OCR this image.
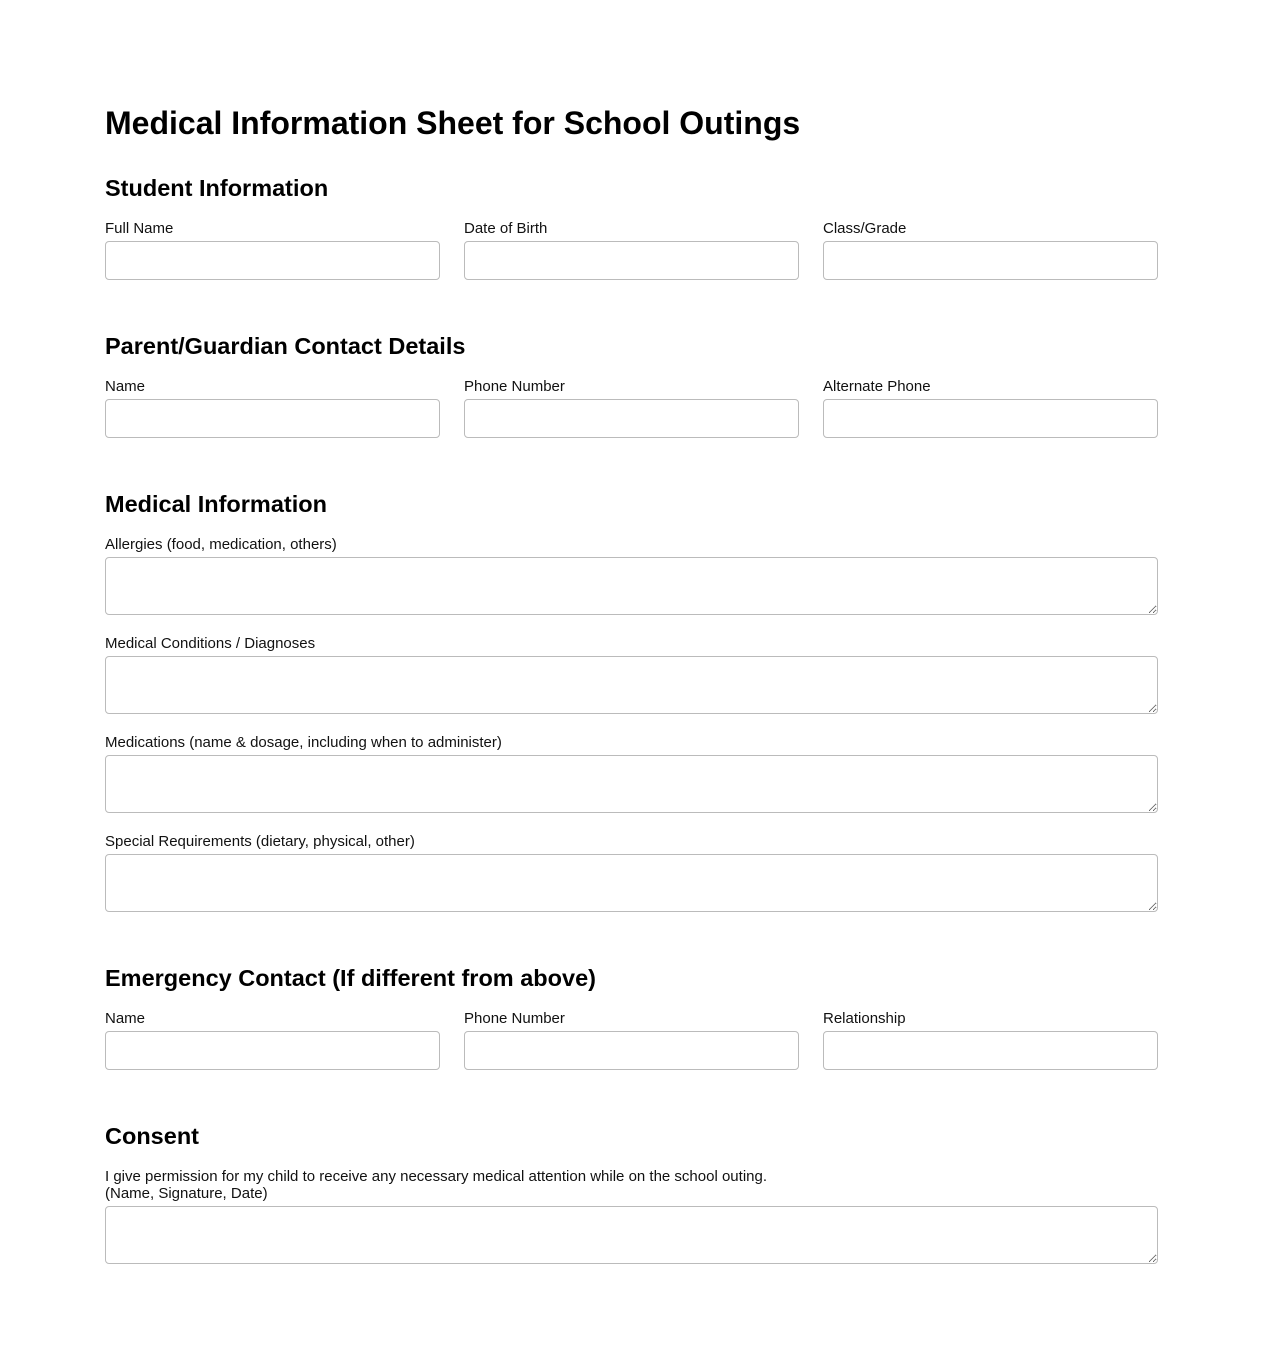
Medical Information Sheet for School Outings
Student Information
Full Name	Date of Birth	Class/Grade
Parent/Guardian Contact Details
Name	Phone Number	Alternate Phone
Medical Information
Allergies (food, medication, others)
Medical Conditions / Diagnoses
Medications (name & dosage, including when to administer)
Special Requirements (dietary, physical, other)
Emergency Contact (If different from above)
Name	Phone Number	Relationship
Consent
I give permission for my child to receive any necessary medical attention while on the school outing.
(Name, Signature, Date)
